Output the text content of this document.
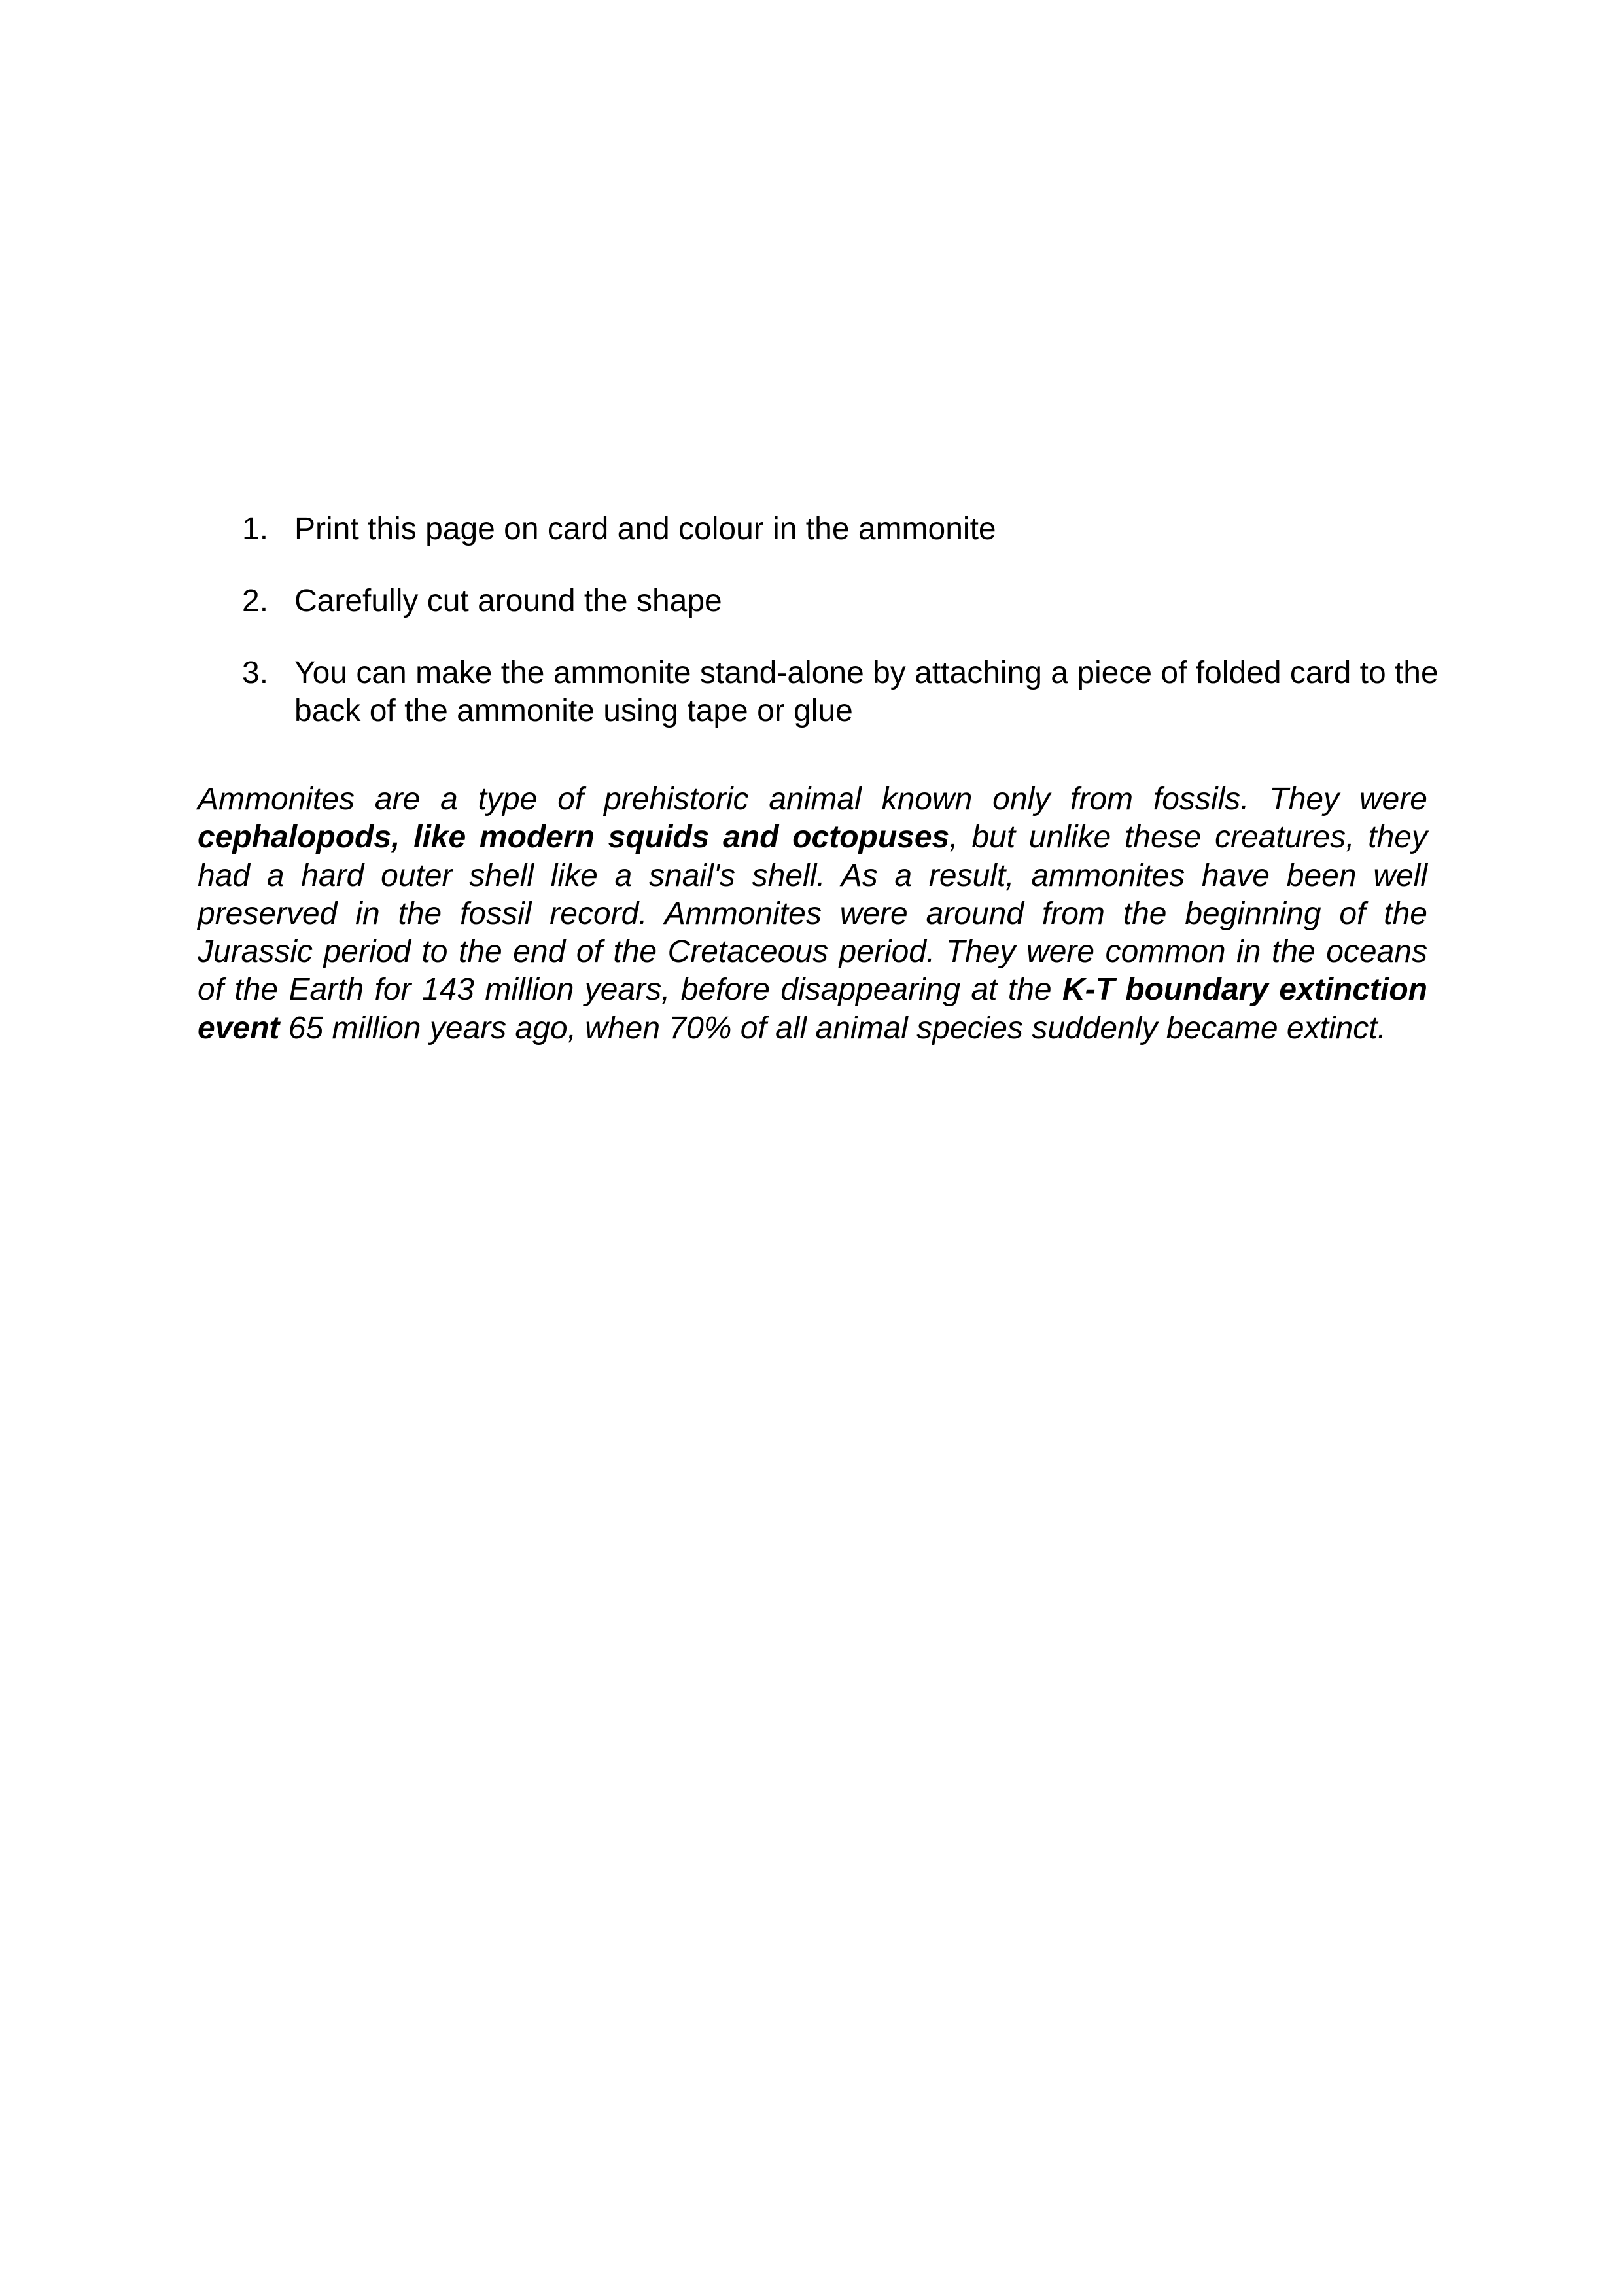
1. Print this page on card and colour in the ammonite
2. Carefully cut around the shape
3. You can make the ammonite stand-alone by attaching a piece of folded card to the back of the ammonite using tape or glue

Ammonites are a type of prehistoric animal known only from fossils. They were cephalopods, like modern squids and octopuses, but unlike these creatures, they had a hard outer shell like a snail's shell. As a result, ammonites have been well preserved in the fossil record. Ammonites were around from the beginning of the Jurassic period to the end of the Cretaceous period. They were common in the oceans of the Earth for 143 million years, before disappearing at the K-T boundary extinction event 65 million years ago, when 70% of all animal species suddenly became extinct.
